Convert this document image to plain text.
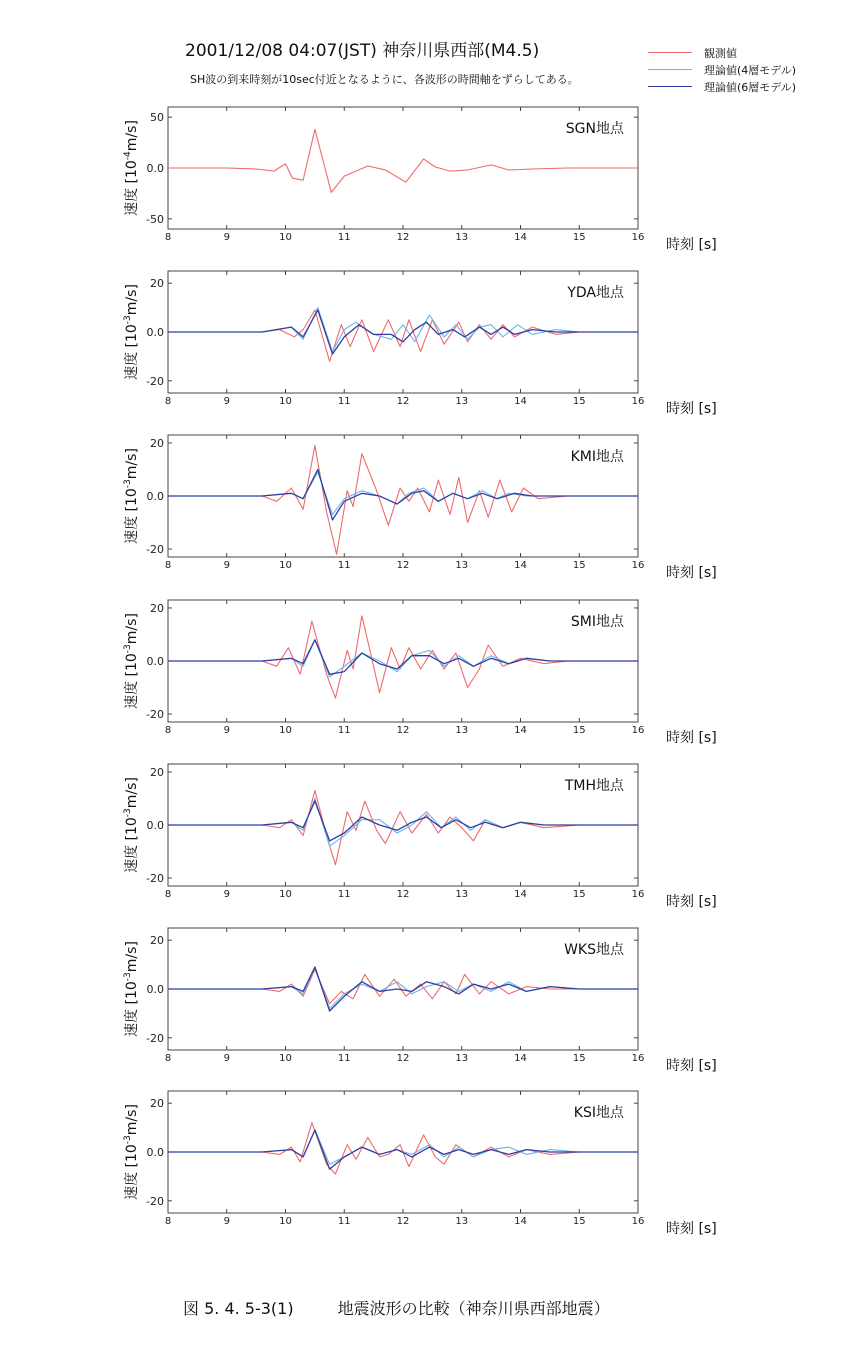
2001/12/08 04:07(JST) 神奈川県西部(M4.5)
SH波の到来時刻が10sec付近となるように、各波形の時間軸をずらしてある。
観測値
理論値(4層モデル)
理論値(6層モデル)
8	9	10	11	12	13	14	15	16
-50
0.0
50
SGN地点
時刻 [s]
速度 $[10^{-4}m/s]$
8	9	10	11	12	13	14	15	16
-20
0.0
20
YDA地点
時刻 [s]
速度 $[10^{-3}m/s]$
8	9	10	11	12	13	14	15	16
-20
0.0
20
KMI地点
時刻 [s]
速度 $[10^{-3}m/s]$
8	9	10	11	12	13	14	15	16
-20
0.0
20
SMI地点
時刻 [s]
速度 $[10^{-3}m/s]$
8	9	10	11	12	13	14	15	16
-20
0.0
20
TMH地点
時刻 [s]
速度 $[10^{-3}m/s]$
8	9	10	11	12	13	14	15	16
-20
0.0
20
WKS地点
時刻 [s]
速度 $[10^{-3}m/s]$
8	9	10	11	12	13	14	15	16
-20
0.0
20
KSI地点
時刻 [s]
速度 $[10^{-3}m/s]$
図 5. 4. 5-3(1)	地震波形の比較（神奈川県西部地震）
